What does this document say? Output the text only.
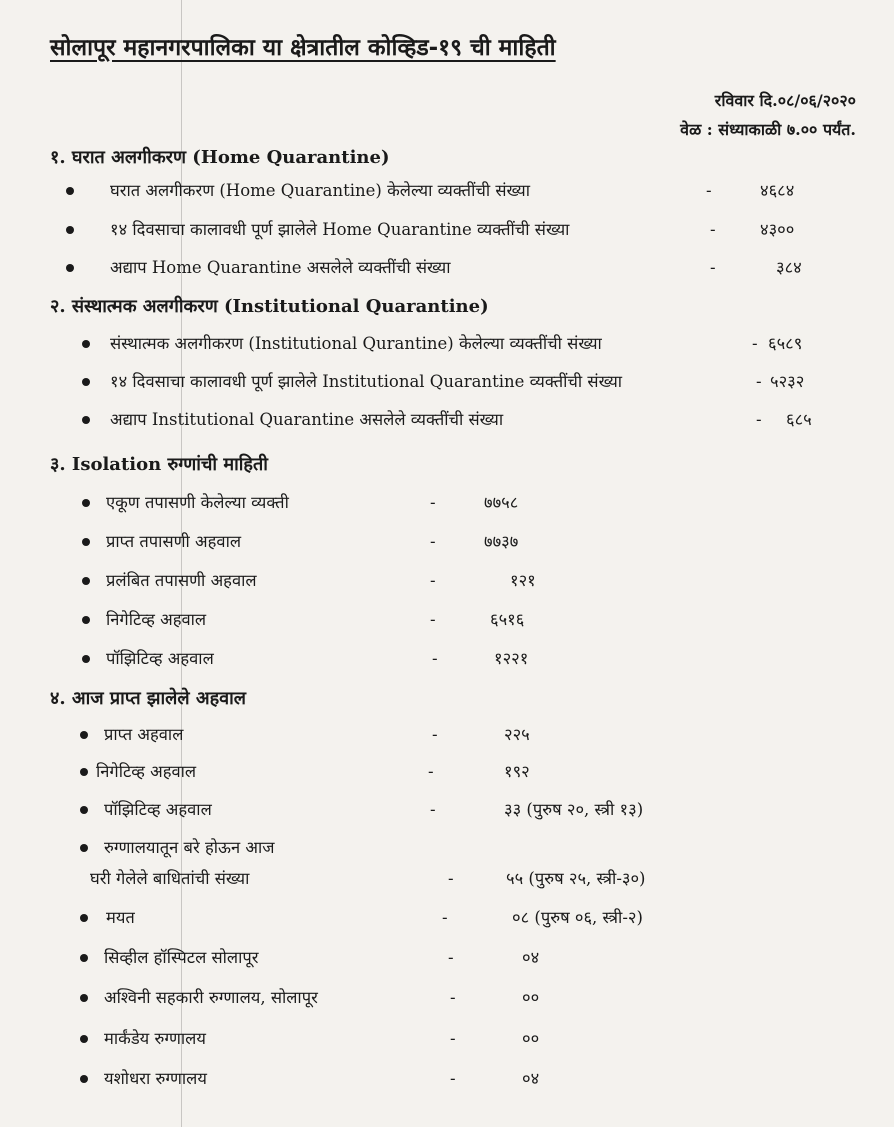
सोलापूर महानगरपालिका या क्षेत्रातील कोव्हिड-१९ ची माहिती
रविवार दि.०८/०६/२०२०
वेळ : संध्याकाळी ७.०० पर्यंत.
१. घरात अलगीकरण (Home Quarantine)
घरात अलगीकरण (Home Quarantine) केलेल्या व्यक्तींची संख्या	-	४६८४
१४ दिवसाचा कालावधी पूर्ण झालेले Home Quarantine व्यक्तींची संख्या	-	४३००
अद्याप Home Quarantine असलेले व्यक्तींची संख्या	-	३८४
२. संस्थात्मक अलगीकरण (Institutional Quarantine)
संस्थात्मक अलगीकरण (Institutional Qurantine) केलेल्या व्यक्तींची संख्या	- ६५८९
१४ दिवसाचा कालावधी पूर्ण झालेले Institutional Quarantine व्यक्तींची संख्या	- ५२३२
अद्याप Institutional Quarantine असलेले व्यक्तींची संख्या	- ६८५
३. Isolation रुग्णांची माहिती
एकूण तपासणी केलेल्या व्यक्ती	-	७७५८
प्राप्त तपासणी अहवाल	-	७७३७
प्रलंबित तपासणी अहवाल	-	१२१
निगेटिव्ह अहवाल	-	६५१६
पॉझिटिव्ह अहवाल	-	१२२१
४. आज प्राप्त झालेले अहवाल
प्राप्त अहवाल	-	२२५
निगेटिव्ह अहवाल	-	१९२
पॉझिटिव्ह अहवाल	-	३३ (पुरुष २०, स्त्री १३)
रुग्णालयातून बरे होऊन आज
घरी गेलेले बाधितांची संख्या	-	५५ (पुरुष २५, स्त्री-३०)
मयत	-	०८ (पुरुष ०६, स्त्री-२)
सिव्हील हॉस्पिटल सोलापूर	-	०४
अश्विनी सहकारी रुग्णालय, सोलापूर	-	००
मार्कंडेय रुग्णालय	-	००
यशोधरा रुग्णालय	-	०४
